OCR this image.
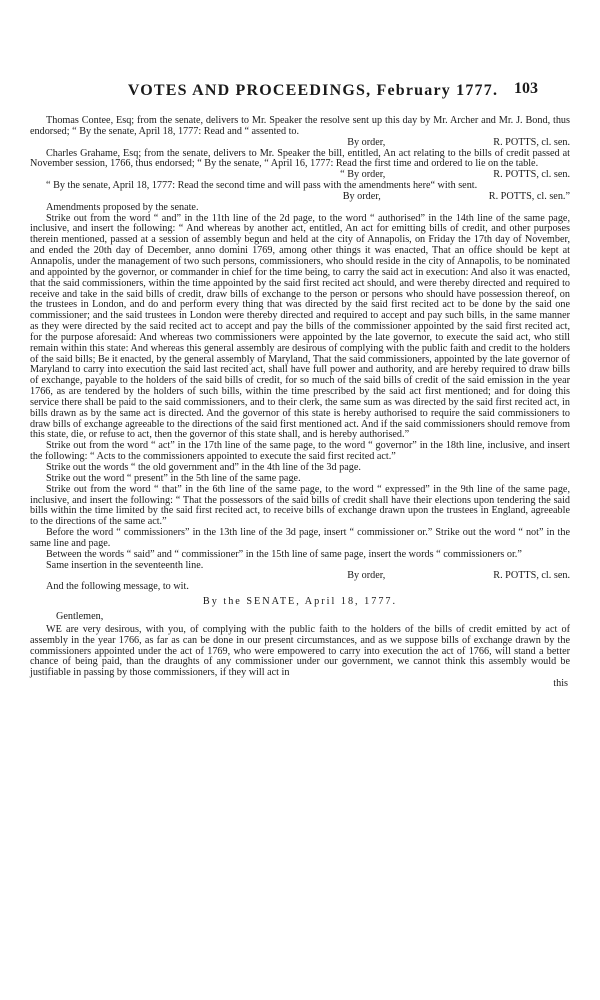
VOTES AND PROCEEDINGS, February 1777. 103

Thomas Contee, Esq; from the senate, delivers to Mr. Speaker the resolve sent up this day by Mr. Archer and Mr. J. Bond, thus endorsed; “ By the senate, April 18, 1777: Read and “ assented to.

By order,	R. POTTS, cl. sen.

Charles Grahame, Esq; from the senate, delivers to Mr. Speaker the bill, entitled, An act relating to the bills of credit passed at November session, 1766, thus endorsed; “ By the senate, “ April 16, 1777: Read the first time and ordered to lie on the table.

“ By order,	R. POTTS, cl. sen.

“ By the senate, April 18, 1777: Read the second time and will pass with the amendments here“ with sent.

By order,	R. POTTS, cl. sen.”

Amendments proposed by the senate.

Strike out from the word “ and” in the 11th line of the 2d page, to the word “ authorised” in the 14th line of the same page, inclusive, and insert the following: “ And whereas by another act, entitled, An act for emitting bills of credit, and other purposes therein mentioned, passed at a session of assembly begun and held at the city of Annapolis, on Friday the 17th day of November, and ended the 20th day of December, anno domini 1769, among other things it was enacted, That an office should be kept at Annapolis, under the management of two such persons, commissioners, who should reside in the city of Annapolis, to be nominated and appointed by the governor, or commander in chief for the time being, to carry the said act in execution: And also it was enacted, that the said commissioners, within the time appointed by the said first recited act should, and were thereby directed and required to receive and take in the said bills of credit, draw bills of exchange to the person or persons who should have possession thereof, on the trustees in London, and do and perform every thing that was directed by the said first recited act to be done by the said one commissioner; and the said trustees in London were thereby directed and required to accept and pay such bills, in the same manner as they were directed by the said recited act to accept and pay the bills of the commissioner appointed by the said first recited act, for the purpose aforesaid: And whereas two commissioners were appointed by the late governor, to execute the said act, who still remain within this state: And whereas this general assembly are desirous of complying with the public faith and credit to the holders of the said bills; Be it enacted, by the general assembly of Maryland, That the said commissioners, appointed by the late governor of Maryland to carry into execution the said last recited act, shall have full power and authority, and are hereby required to draw bills of exchange, payable to the holders of the said bills of credit, for so much of the said bills of credit of the said emission in the year 1766, as are tendered by the holders of such bills, within the time prescribed by the said act first mentioned; and for doing this service there shall be paid to the said commissioners, and to their clerk, the same sum as was directed by the said first recited act, in bills drawn as by the same act is directed. And the governor of this state is hereby authorised to require the said commissioners to draw bills of exchange agreeable to the directions of the said first mentioned act. And if the said commissioners should remove from this state, die, or refuse to act, then the governor of this state shall, and is hereby authorised.”

Strike out from the word “ act” in the 17th line of the same page, to the word “ governor” in the 18th line, inclusive, and insert the following: “ Acts to the commissioners appointed to execute the said first recited act.”

Strike out the words “ the old government and” in the 4th line of the 3d page.

Strike out the word “ present” in the 5th line of the same page.

Strike out from the word “ that” in the 6th line of the same page, to the word “ expressed” in the 9th line of the same page, inclusive, and insert the following: “ That the possessors of the said bills of credit shall have their elections upon tendering the said bills within the time limited by the said first recited act, to receive bills of exchange drawn upon the trustees in England, agreeable to the directions of the same act.”

Before the word “ commissioners” in the 13th line of the 3d page, insert “ commissioner or.” Strike out the word “ not” in the same line and page.

Between the words “ said” and “ commissioner” in the 15th line of same page, insert the words “ commissioners or.”

Same insertion in the seventeenth line.

By order,	R. POTTS, cl. sen.

And the following message, to wit.

By the SENATE, April 18, 1777.
Gentlemen,

WE are very desirous, with you, of complying with the public faith to the holders of the bills of credit emitted by act of assembly in the year 1766, as far as can be done in our present circumstances, and as we suppose bills of exchange drawn by the commissioners appointed under the act of 1769, who were empowered to carry into execution the act of 1766, will stand a better chance of being paid, than the draughts of any commissioner under our government, we cannot think this assembly would be justifiable in passing by those commissioners, if they will act in

this
